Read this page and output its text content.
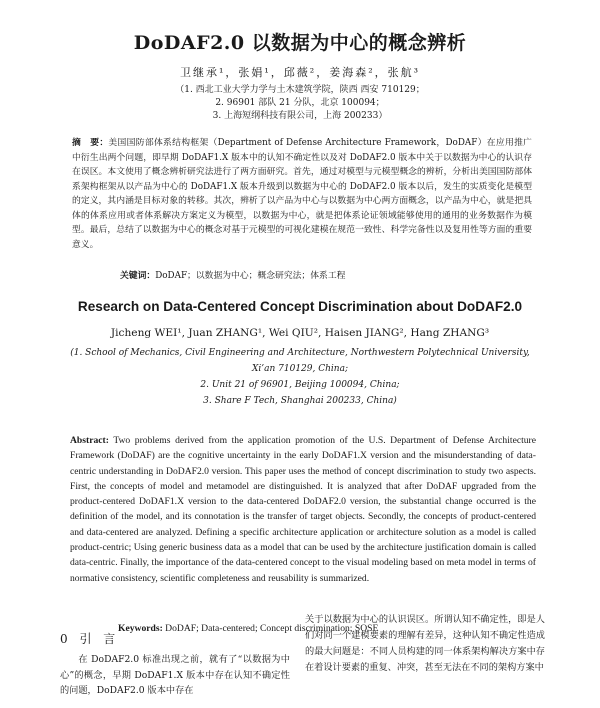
DoDAF2.0 以数据为中心的概念辨析
卫继承¹，张娟¹，邱薇²，姜海森²，张航³
（1. 西北工业大学力学与土木建筑学院，陕西 西安 710129；
2. 96901 部队 21 分队，北京 100094；
3. 上海短纲科技有限公司，上海 200233）
摘　要：美国国防部体系结构框架（Department of Defense Architecture Framework，DoDAF）在应用推广中衍生出两个问题，即早期 DoDAF1.X 版本中的认知不确定性以及对 DoDAF2.0 版本中关于以数据为中心的认识存在误区。本文使用了概念辨析研究法进行了两方面研究。首先，通过对模型与元模型概念的辨析，分析出美国国防部体系架构框架从以产品为中心的 DoDAF1.X 版本升级到以数据为中心的 DoDAF2.0 版本以后，发生的实质变化是模型的定义，其内涵是目标对象的转移。其次，辨析了以产品为中心与以数据为中心两方面概念，以产品为中心，就是把具体的体系应用或者体系解决方案定义为模型，以数据为中心，就是把体系论证领域能够使用的通用的业务数据作为模型。最后，总结了以数据为中心的概念对基于元模型的可视化建模在规范一致性、科学完备性以及复用性等方面的重要意义。
关键词：DoDAF；以数据为中心；概念研究法；体系工程
Research on Data-Centered Concept Discrimination about DoDAF2.0
Jicheng WEI¹, Juan ZHANG¹, Wei QIU², Haisen JIANG², Hang ZHANG³
(1. School of Mechanics, Civil Engineering and Architecture, Northwestern Polytechnical University,
Xi’an 710129, China;
2. Unit 21 of 96901, Beijing 100094, China;
3. Share F Tech, Shanghai 200233, China)
Abstract: Two problems derived from the application promotion of the U.S. Department of Defense Architecture Framework (DoDAF) are the cognitive uncertainty in the early DoDAF1.X version and the misunderstanding of data-centric understanding in DoDAF2.0 version. This paper uses the method of concept discrimination to study two aspects. First, the concepts of model and metamodel are distinguished. It is analyzed that after DoDAF upgraded from the product-centered DoDAF1.X version to the data-centered DoDAF2.0 version, the substantial change occurred is the definition of the model, and its connotation is the transfer of target objects. Secondly, the concepts of product-centered and data-centered are analyzed. Defining a specific architecture application or architecture solution as a model is called product-centric; Using generic business data as a model that can be used by the architecture justification domain is called data-centric. Finally, the importance of the data-centered concept to the visual modeling based on meta model in terms of normative consistency, scientific completeness and reusability is summarized.
Keywords: DoDAF; Data-centered; Concept discrimination; SOSE
0 引 言
在 DoDAF2.0 标准出现之前，就有了“以数据为中心”的概念，早期 DoDAF1.X 版本中存在认知不确定性的问题，DoDAF2.0 版本中存在
关于以数据为中心的认识误区。所谓认知不确定性，即是人们对同一个建模要素的理解有差异，这种认知不确定性造成的最大问题是：不同人员构建的同一体系架构解决方案中存在着设计要素的重复、冲突，甚至无法在不同的架构方案中
